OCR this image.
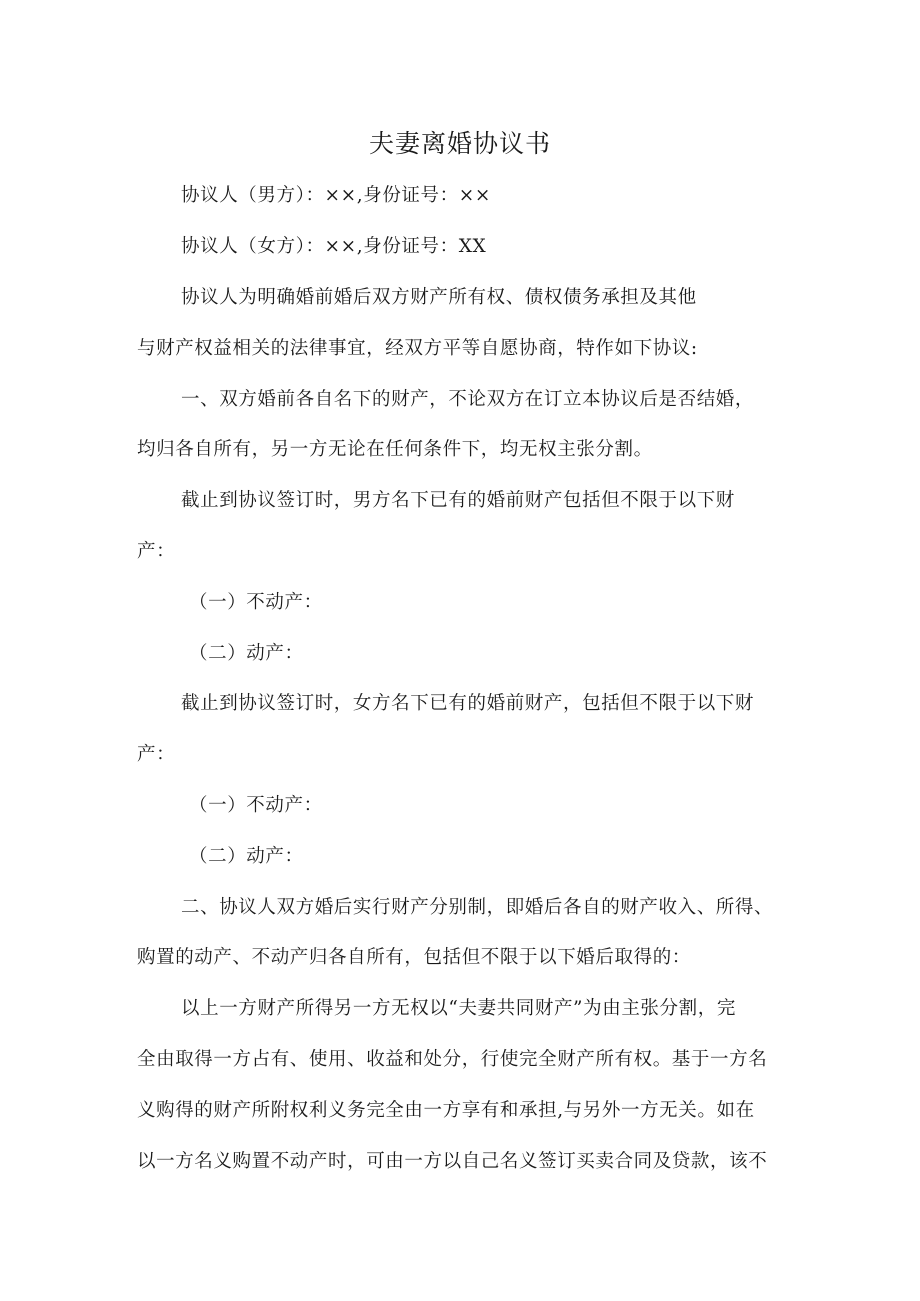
夫妻离婚协议书
协议人（男方）：××,身份证号：××
协议人（女方）：××,身份证号：XX
协议人为明确婚前婚后双方财产所有权、债权债务承担及其他
与财产权益相关的法律事宜，经双方平等自愿协商，特作如下协议:
一、双方婚前各自名下的财产，不论双方在订立本协议后是否结婚，
均归各自所有，另一方无论在任何条件下，均无权主张分割。
截止到协议签订时，男方名下已有的婚前财产包括但不限于以下财
产：
（一）不动产：
（二）动产：
截止到协议签订时，女方名下已有的婚前财产，包括但不限于以下财
产：
（一）不动产：
（二）动产：
二、协议人双方婚后实行财产分别制，即婚后各自的财产收入、所得、
购置的动产、不动产归各自所有，包括但不限于以下婚后取得的：
以上一方财产所得另一方无权以“夫妻共同财产”为由主张分割，完
全由取得一方占有、使用、收益和处分，行使完全财产所有权。基于一方名
义购得的财产所附权利义务完全由一方享有和承担,与另外一方无关。如在
以一方名义购置不动产时，可由一方以自己名义签订买卖合同及贷款，该不
